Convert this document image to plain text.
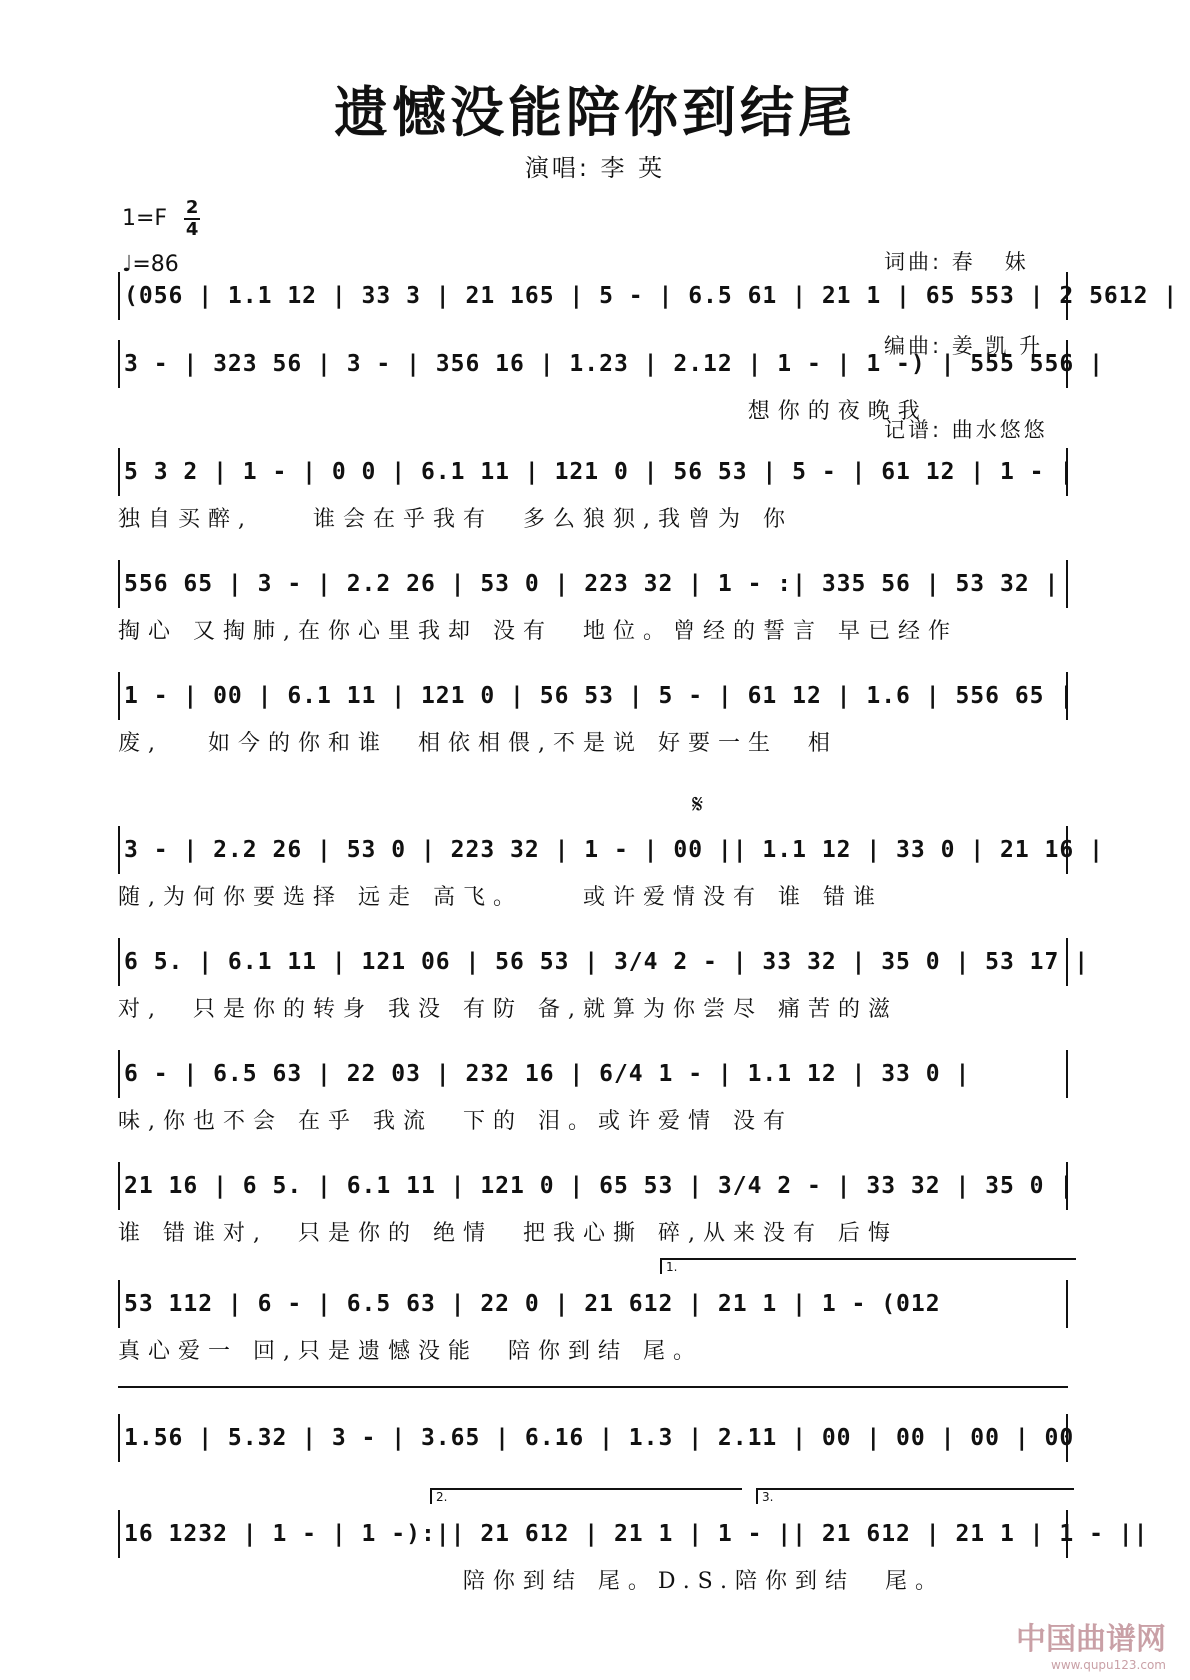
遗憾没能陪你到结尾
演唱: 李 英
$1=F \frac{2}{4}$
♩=86

	词曲: 春   妹

编曲: 姜 凯 升

记谱: 曲水悠悠

(056 | 1.1 12 | 33 3 | 21 165 | 5 - | 6.5 61 | 21 1 | 65 553 | 2 5612 |
3 - | 323 56 | 3 - | 356 16 | 1.23 | 2.12 | 1 - | 1 -) | 555 556 |
想你的夜晚我
5 3 2 | 1 - | 0 0 | 6.1 11 | 121 0 | 56 53 | 5 - | 61 12 | 1 - |
独自买醉,    谁会在乎我有  多么狼狈,我曾为 你
556 65 | 3 - | 2.2 26 | 53 0 | 223 32 | 1 - :| 335 56 | 53 32 |
掏心 又掏肺,在你心里我却 没有  地位。曾经的誓言 早已经作
1 - | 00 | 6.1 11 | 121 0 | 56 53 | 5 - | 61 12 | 1.6 | 556 65 |
废,   如今的你和谁  相依相偎,不是说 好要一生  相
𝄋
3 - | 2.2 26 | 53 0 | 223 32 | 1 - | 00 || 1.1 12 | 33 0 | 21 16 |
随,为何你要选择 远走 高飞。    或许爱情没有 谁 错谁
6 5. | 6.1 11 | 121 06 | 56 53 | 3/4 2 - | 33 32 | 35 0 | 53 17 |
对,  只是你的转身 我没 有防 备,就算为你尝尽 痛苦的滋
6 - | 6.5 63 | 22 03 | 232 16 | 6/4 1 - | 1.1 12 | 33 0 |
味,你也不会 在乎 我流  下的 泪。或许爱情 没有
21 16 | 6 5. | 6.1 11 | 121 0 | 65 53 | 3/4 2 - | 33 32 | 35 0 |
谁 错谁对,  只是你的 绝情  把我心撕 碎,从来没有 后悔
1.
53 112 | 6 - | 6.5 63 | 22 0 | 21 612 | 21 1 | 1 - (012
真心爱一 回,只是遗憾没能  陪你到结 尾。
1.56 | 5.32 | 3 - | 3.65 | 6.16 | 1.3 | 2.11 | 00 | 00 | 00 | 00
2.	3.
16 1232 | 1 - | 1 -):|| 21 612 | 21 1 | 1 - || 21 612 | 21 1 | 1 - ||
陪你到结 尾。D.S.陪你到结  尾。
中国曲谱网
www.qupu123.com
